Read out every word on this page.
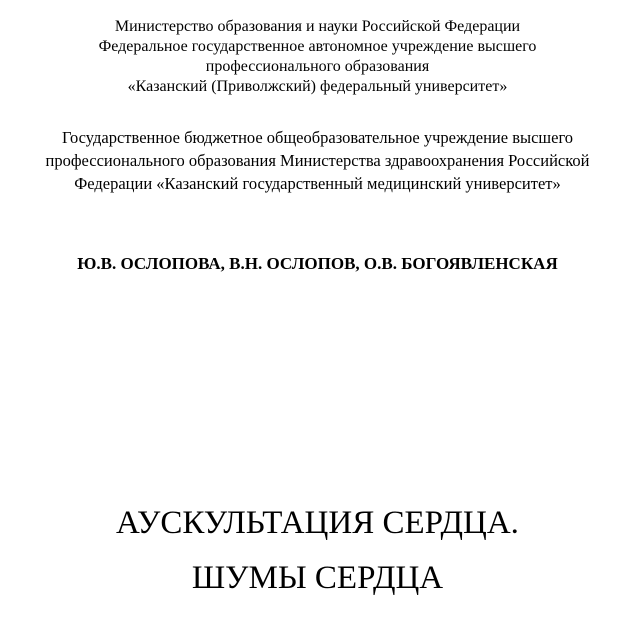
Министерство образования и науки Российской Федерации
Федеральное государственное автономное учреждение высшего
профессионального образования
«Казанский (Приволжский) федеральный университет»
Государственное бюджетное общеобразовательное учреждение высшего
профессионального образования Министерства здравоохранения Российской
Федерации «Казанский государственный медицинский университет»
Ю.В. ОСЛОПОВА, В.Н. ОСЛОПОВ, О.В. БОГОЯВЛЕНСКАЯ
АУСКУЛЬТАЦИЯ СЕРДЦА.
ШУМЫ СЕРДЦА
